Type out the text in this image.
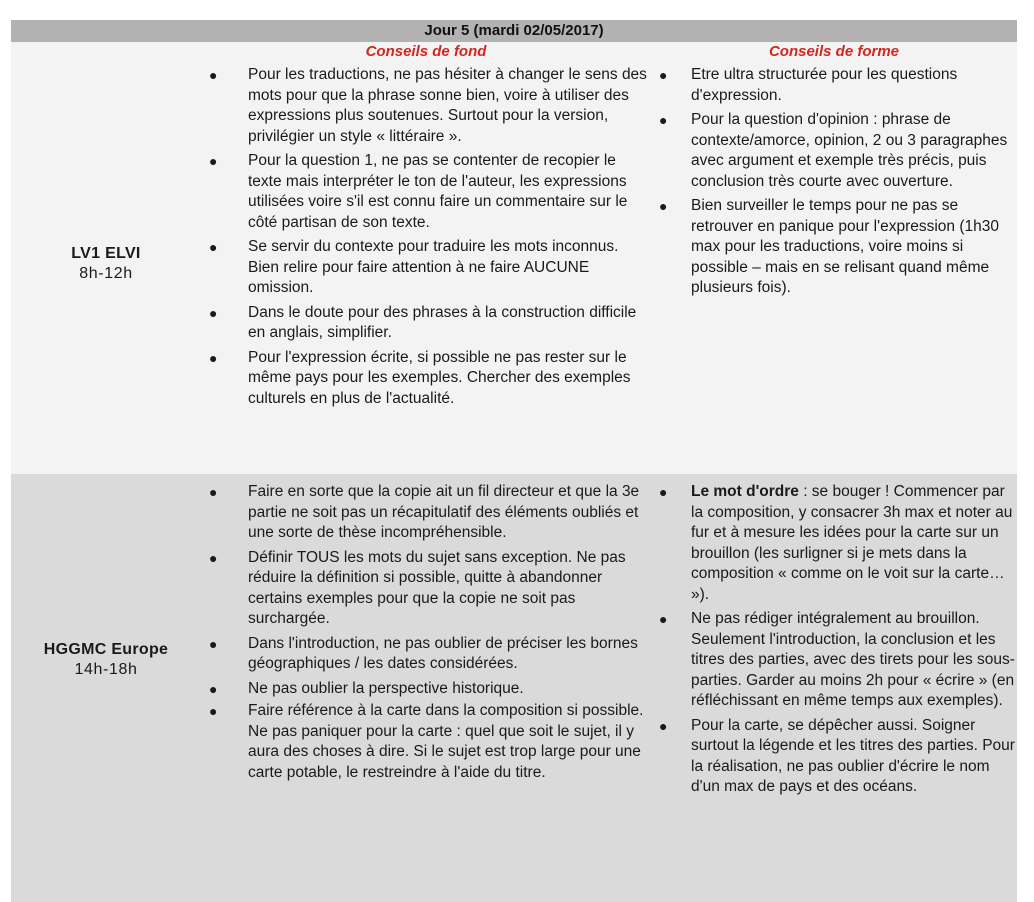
Jour 5 (mardi 02/05/2017)
Conseils de fond	Conseils de forme
LV1 ELVI
8h-12h
● Pour les traductions, ne pas hésiter à changer le sens des mots pour que la phrase sonne bien, voire à utiliser des expressions plus soutenues. Surtout pour la version, privilégier un style « littéraire ».
● Pour la question 1, ne pas se contenter de recopier le texte mais interpréter le ton de l'auteur, les expressions utilisées voire s'il est connu faire un commentaire sur le côté partisan de son texte.
● Se servir du contexte pour traduire les mots inconnus. Bien relire pour faire attention à ne faire AUCUNE omission.
● Dans le doute pour des phrases à la construction difficile en anglais, simplifier.
● Pour l'expression écrite, si possible ne pas rester sur le même pays pour les exemples. Chercher des exemples culturels en plus de l'actualité.
● Etre ultra structurée pour les questions d'expression.
● Pour la question d'opinion : phrase de contexte/amorce, opinion, 2 ou 3 paragraphes avec argument et exemple très précis, puis conclusion très courte avec ouverture.
● Bien surveiller le temps pour ne pas se retrouver en panique pour l'expression (1h30 max pour les traductions, voire moins si possible – mais en se relisant quand même plusieurs fois).
HGGMC Europe
14h-18h
● Faire en sorte que la copie ait un fil directeur et que la 3e partie ne soit pas un récapitulatif des éléments oubliés et une sorte de thèse incompréhensible.
● Définir TOUS les mots du sujet sans exception. Ne pas réduire la définition si possible, quitte à abandonner certains exemples pour que la copie ne soit pas surchargée.
● Dans l'introduction, ne pas oublier de préciser les bornes géographiques / les dates considérées.
● Ne pas oublier la perspective historique.
● Faire référence à la carte dans la composition si possible. Ne pas paniquer pour la carte : quel que soit le sujet, il y aura des choses à dire. Si le sujet est trop large pour une carte potable, le restreindre à l'aide du titre.
● Le mot d'ordre : se bouger ! Commencer par la composition, y consacrer 3h max et noter au fur et à mesure les idées pour la carte sur un brouillon (les surligner si je mets dans la composition « comme on le voit sur la carte… »).
● Ne pas rédiger intégralement au brouillon. Seulement l'introduction, la conclusion et les titres des parties, avec des tirets pour les sous-parties. Garder au moins 2h pour « écrire » (en réfléchissant en même temps aux exemples).
● Pour la carte, se dépêcher aussi. Soigner surtout la légende et les titres des parties. Pour la réalisation, ne pas oublier d'écrire le nom d'un max de pays et des océans.
